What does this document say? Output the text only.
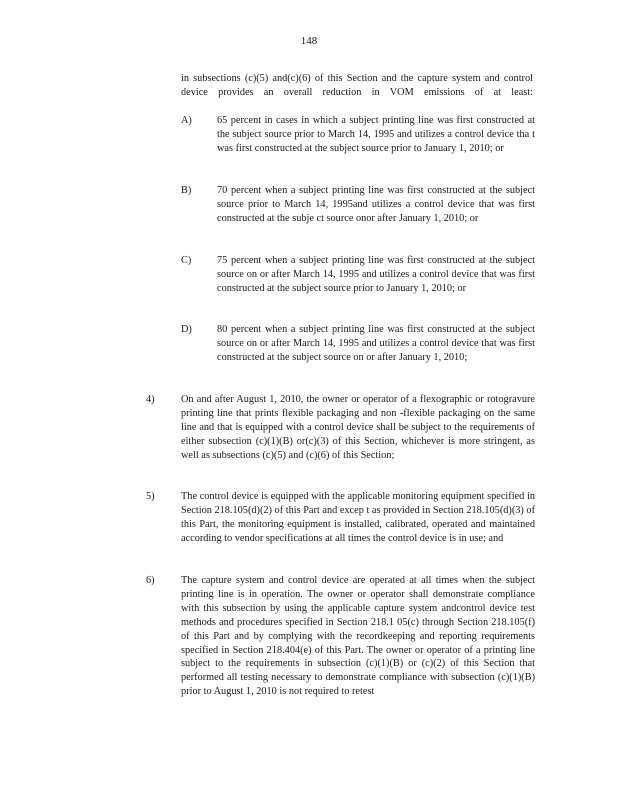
148
in subsections (c)(5) and(c)(6) of this Section and the capture system and control device provides an overall reduction in VOM emissions of at least:
A) 65 percent in cases in which a subject printing line was first constructed at the subject source prior to March 14, 1995 and utilizes a control device tha t was first constructed at the subject source prior to January 1, 2010; or
B) 70 percent when a subject printing line was first constructed at the subject source prior to March 14, 1995and utilizes a control device that was first constructed at the subje ct source onor after January 1, 2010; or
C) 75 percent when a subject printing line was first constructed at the subject source on or after March 14, 1995 and utilizes a control device that was first constructed at the subject source prior to January 1, 2010; or
D) 80 percent when a subject printing line was first constructed at the subject source on or after March 14, 1995 and utilizes a control device that was first constructed at the subject source on or after January 1, 2010;
4)	On and after August 1, 2010, the owner or operator of a flexographic or rotogravure printing line that prints flexible packaging and non -flexible packaging on the same line and that is equipped with a control device shall be subject to the requirements of either subsection (c)(1)(B) or(c)(3) of this Section, whichever is more stringent, as well as subsections (c)(5) and (c)(6) of this Section;
5)	The control device is equipped with the applicable monitoring equipment specified in Section 218.105(d)(2) of this Part and excep t as provided in Section 218.105(d)(3) of this Part, the monitoring equipment is installed, calibrated, operated and maintained according to vendor specifications at all times the control device is in use; and
6)	The capture system and control device are operated at all times when the subject printing line is in operation. The owner or operator shall demonstrate compliance with this subsection by using the applicable capture system andcontrol device test methods and procedures specified in Section 218.1 05(c) through Section 218.105(f) of this Part and by complying with the recordkeeping and reporting requirements specified in Section 218.404(e) of this Part. The owner or operator of a printing line subject to the requirements in subsection (c)(1)(B) or (c)(2) of this Section that performed all testing necessary to demonstrate compliance with subsection (c)(1)(B) prior to August 1, 2010 is not required to retest
